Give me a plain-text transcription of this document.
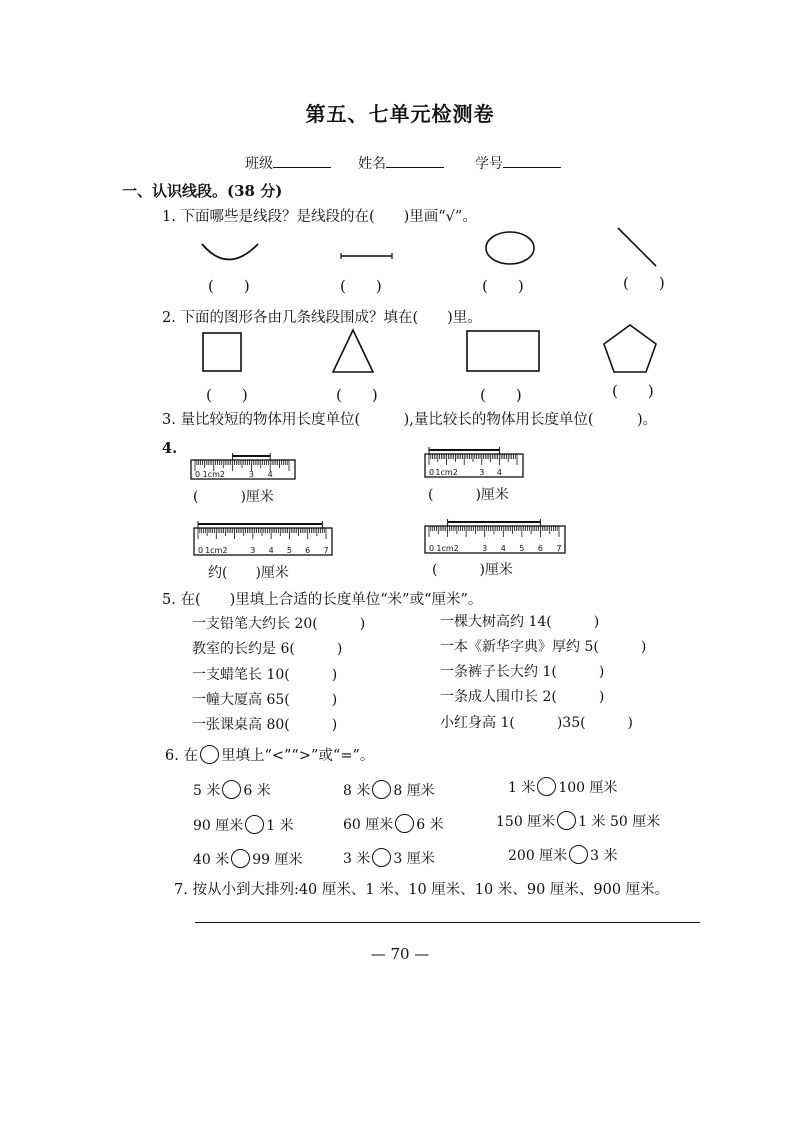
第五、七单元检测卷
班级	姓名	学号
一、认识线段。(38 分)
1. 下面哪些是线段？是线段的在(　　)里画“√”。
(　　)	(　　)	(　　)	(　　)
2. 下面的图形各由几条线段围成？填在(　　)里。
(　　)	(　　)	(　　)	(　　)
3. 量比较短的物体用长度单位(　　　),量比较长的物体用长度单位(　　　)。
4.
0 1cm2	3 4	0 1cm2	3 4
0 1cm2	3 4 5 6 7	0 1cm2	3 4 5 6 7
(　　　)厘米	(　　　)厘米
约(　　)厘米	(　　　)厘米
5. 在(　　)里填上合适的长度单位“米”或“厘米”。
一支铅笔大约长 20(　　　)
教室的长约是 6(　　　)
一支蜡笔长 10(　　　)
一幢大厦高 65(　　　)
一张课桌高 80(　　　)
一棵大树高约 14(　　　)
一本《新华字典》厚约 5(　　　)
一条裤子长大约 1(　　　)
一条成人围巾长 2(　　　)
小红身高 1(　　　)35(　　　)
6. 在 里填上“<”“>”或“=”。
5 米 6 米	8 米 8 厘米	1 米 100 厘米
90 厘米 1 米	60 厘米 6 米	150 厘米 1 米 50 厘米
40 米 99 厘米	3 米 3 厘米	200 厘米 3 米
7. 按从小到大排列:40 厘米、1 米、10 厘米、10 米、90 厘米、900 厘米。
— 70 —
